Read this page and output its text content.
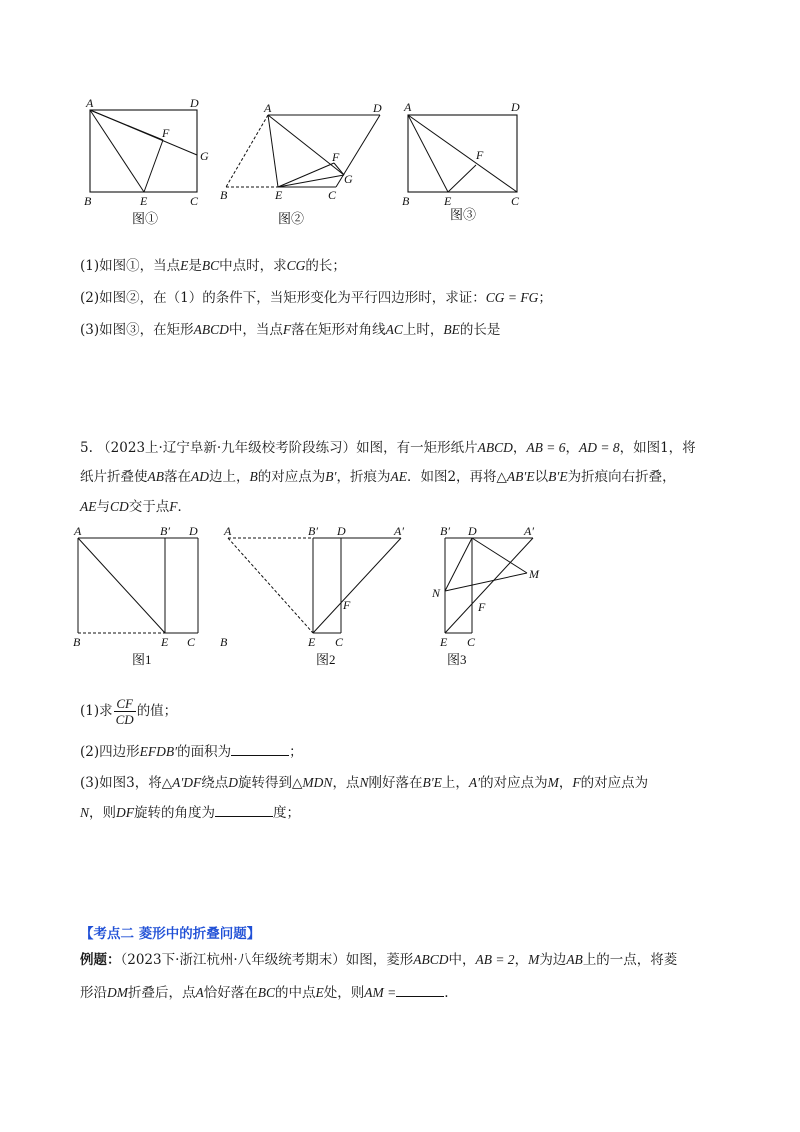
A	D
B	C
E
F
G
图①
A	D
B	C
E
F
G
图②
A	D
B	C
E
F
图③
(1)如图①，当点E是BC中点时，求CG的长；
(2)如图②，在（1）的条件下，当矩形变化为平行四边形时，求证：CG = FG；
(3)如图③，在矩形ABCD中，当点F落在矩形对角线AC上时，BE的长是
5. （2023上·辽宁阜新·九年级校考阶段练习）如图，有一矩形纸片ABCD，AB = 6，AD = 8，如图1，将
纸片折叠使AB落在AD边上，B的对应点为B′，折痕为AE．如图2，再将△AB′E以B′E为折痕向右折叠，
AE与CD交于点F．
A	B′ D
B	E C
图1
A	B′ D	A′
F
B	E C
图2
B′ D	A′
M
N
F
E C
图3
(1)求 $\frac{CF}{CD}$ 的值；
(2)四边形EFDB′的面积为	；
(3)如图3，将△A′DF绕点D旋转得到△MDN，点N刚好落在B′E上，A′的对应点为M，F的对应点为
N，则DF旋转的角度为	度；
【考点二 菱形中的折叠问题】
例题：（2023下·浙江杭州·八年级统考期末）如图，菱形ABCD中，AB = 2，M为边AB上的一点，将菱
形沿DM折叠后，点A恰好落在BC的中点E处，则AM =	.
